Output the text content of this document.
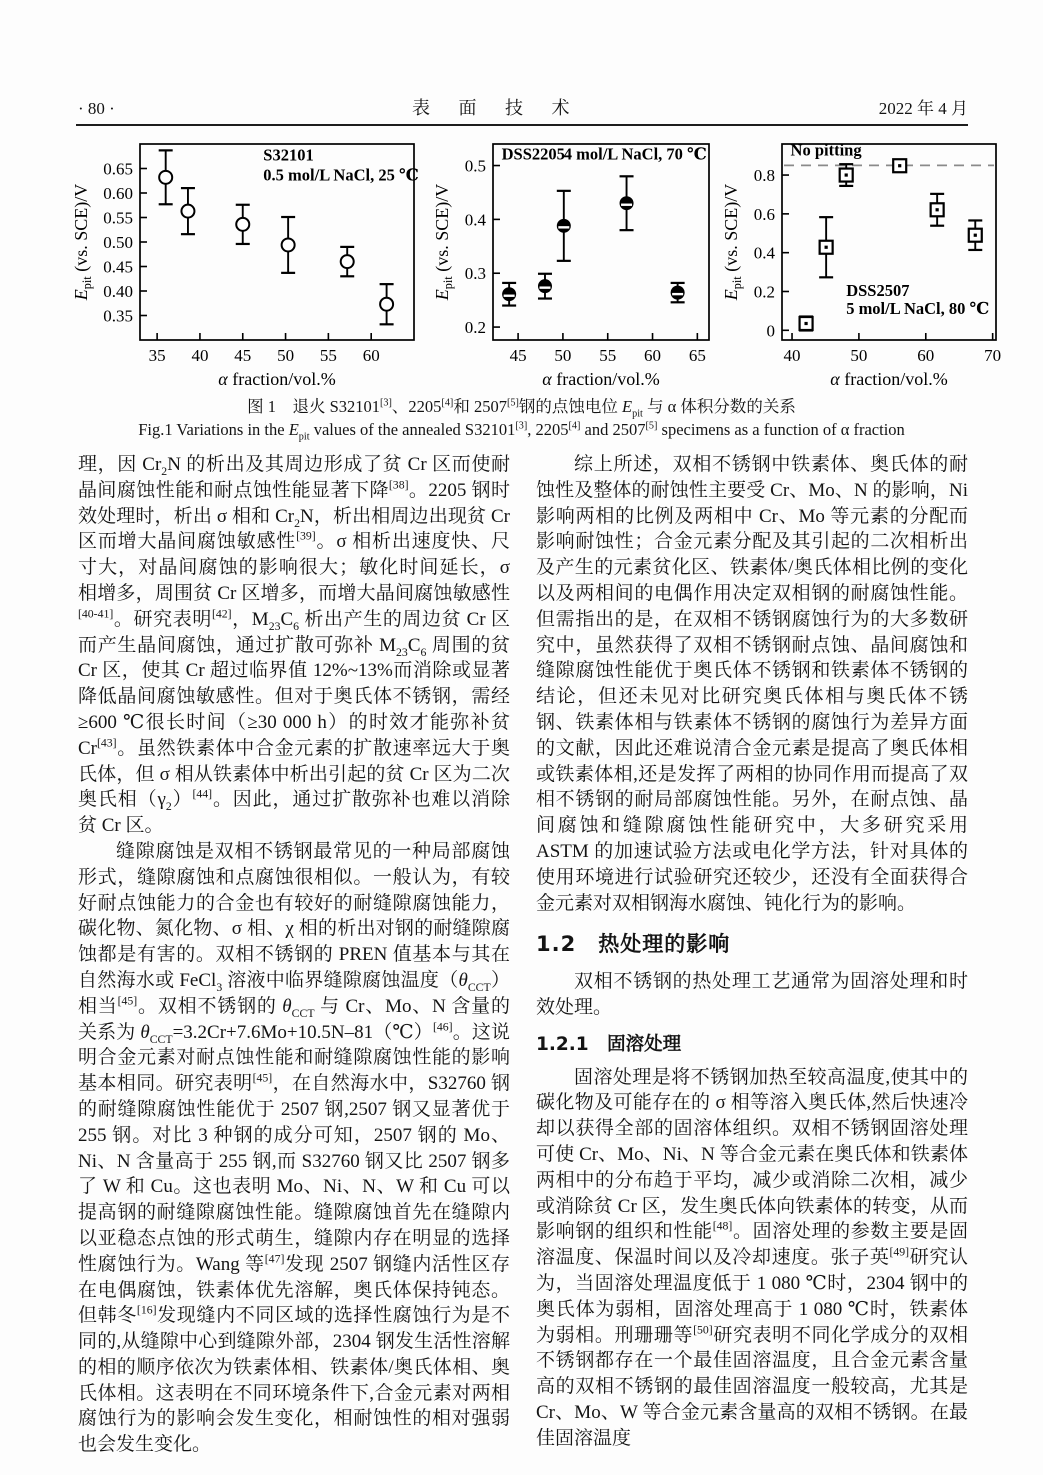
· 80 ·	表 面 技 术	2022 年 4 月
35 40 45 50 55 60
0.35
0.40
0.45
0.50
0.55
0.60
0.65
α fraction/vol.%
$E_{pit}$ (vs. SCE)/V
S32101
0.5 mol/L NaCl, 25 ℃
45 50 55 60 65
0.2
0.3
0.4
0.5
α fraction/vol.%
$E_{pit}$ (vs. SCE)/V
DSS2205
4 mol/L NaCl, 70 ℃
40	50	60	70
0
0.2
0.4
0.6
0.8
α fraction/vol.%
$E_{pit}$ (vs. SCE)/V
No pitting
DSS2507
5 mol/L NaCl, 80 ℃
图 1　退火 S32101[3]、2205[4]和 2507[5]钢的点蚀电位 $E_{pit}$ 与 α 体积分数的关系
Fig.1 Variations in the $E_{pit}$ values of the annealed S32101[3], 2205[4] and 2507[5] specimens as a function of α fraction

理，因 $Cr_2N$ 的析出及其周边形成了贫 Cr 区而使耐晶间腐蚀性能和耐点蚀性能显著下降[38]。2205 钢时效处理时，析出 σ 相和 $Cr_2N$，析出相周边出现贫 Cr 区而增大晶间腐蚀敏感性[39]。σ 相析出速度快、尺寸大，对晶间腐蚀的影响很大；敏化时间延长，σ 相增多，周围贫 Cr 区增多，而增大晶间腐蚀敏感性[40-41]。研究表明[42]，$M_{23}C_6$ 析出产生的周边贫 Cr 区而产生晶间腐蚀，通过扩散可弥补 $M_{23}C_6$ 周围的贫 Cr 区，使其 Cr 超过临界值 12%~13%而消除或显著降低晶间腐蚀敏感性。但对于奥氏体不锈钢，需经≥600 ℃很长时间（≥30 000 h）的时效才能弥补贫 Cr[43]。虽然铁素体中合金元素的扩散速率远大于奥氏体，但 σ 相从铁素体中析出引起的贫 Cr 区为二次奥氏相$(\gamma_2)[44]$。因此，通过扩散弥补也难以消除贫 Cr 区。

缝隙腐蚀是双相不锈钢最常见的一种局部腐蚀形式，缝隙腐蚀和点腐蚀很相似。一般认为，有较好耐点蚀能力的合金也有较好的耐缝隙腐蚀能力，碳化物、氮化物、σ 相、χ 相的析出对钢的耐缝隙腐蚀都是有害的。双相不锈钢的 PREN 值基本与其在自然海水或 FeCl$_3$ 溶液中临界缝隙腐蚀温度$(\theta_{CCT})$相当[45]。双相不锈钢的 $\theta_{CCT}$ 与 Cr、Mo、N 含量的关系为 $\theta_{CCT}=3.2Cr+7.6Mo+10.5N-81(℃)[46]$。这说明合金元素对耐点蚀性能和耐缝隙腐蚀性能的影响基本相同。研究表明[45]，在自然海水中，S32760 钢的耐缝隙腐蚀性能优于 2507 钢,2507 钢又显著优于 255 钢。对比 3 种钢的成分可知，2507 钢的 Mo、Ni、N 含量高于 255 钢,而 S32760 钢又比 2507 钢多了 W 和 Cu。这也表明 Mo、Ni、N、W 和 Cu 可以提高钢的耐缝隙腐蚀性能。缝隙腐蚀首先在缝隙内以亚稳态点蚀的形式萌生，缝隙内存在明显的选择性腐蚀行为。Wang 等[47]发现 2507 钢缝内活性区存在电偶腐蚀，铁素体优先溶解，奥氏体保持钝态。但韩冬[16]发现缝内不同区域的选择性腐蚀行为是不同的,从缝隙中心到缝隙外部，2304 钢发生活性溶解的相的顺序依次为铁素体相、铁素体/奥氏体相、奥氏体相。这表明在不同环境条件下,合金元素对两相腐蚀行为的影响会发生变化，相耐蚀性的相对强弱也会发生变化。

综上所述，双相不锈钢中铁素体、奥氏体的耐蚀性及整体的耐蚀性主要受 Cr、Mo、N 的影响，Ni 影响两相的比例及两相中 Cr、Mo 等元素的分配而影响耐蚀性；合金元素分配及其引起的二次相析出及产生的元素贫化区、铁素体/奥氏体相比例的变化以及两相间的电偶作用决定双相钢的耐腐蚀性能。但需指出的是，在双相不锈钢腐蚀行为的大多数研究中，虽然获得了双相不锈钢耐点蚀、晶间腐蚀和缝隙腐蚀性能优于奥氏体不锈钢和铁素体不锈钢的结论，但还未见对比研究奥氏体相与奥氏体不锈钢、铁素体相与铁素体不锈钢的腐蚀行为差异方面的文献，因此还难说清合金元素是提高了奥氏体相或铁素体相,还是发挥了两相的协同作用而提高了双相不锈钢的耐局部腐蚀性能。另外，在耐点蚀、晶间腐蚀和缝隙腐蚀性能研究中，大多研究采用 ASTM 的加速试验方法或电化学方法，针对具体的使用环境进行试验研究还较少，还没有全面获得合金元素对双相钢海水腐蚀、钝化行为的影响。

1.2　热处理的影响

双相不锈钢的热处理工艺通常为固溶处理和时效处理。

1.2.1　固溶处理

固溶处理是将不锈钢加热至较高温度,使其中的碳化物及可能存在的 σ 相等溶入奥氏体,然后快速冷却以获得全部的固溶体组织。双相不锈钢固溶处理可使 Cr、Mo、Ni、N 等合金元素在奥氏体和铁素体两相中的分布趋于平均，减少或消除二次相，减少或消除贫 Cr 区，发生奥氏体向铁素体的转变，从而影响钢的组织和性能[48]。固溶处理的参数主要是固溶温度、保温时间以及冷却速度。张子英[49]研究认为，当固溶处理温度低于 1 080 ℃时，2304 钢中的奥氏体为弱相，固溶处理高于 1 080 ℃时，铁素体为弱相。刑珊珊等[50]研究表明不同化学成分的双相不锈钢都存在一个最佳固溶温度，且合金元素含量高的双相不锈钢的最佳固溶温度一般较高，尤其是 Cr、Mo、W 等合金元素含量高的双相不锈钢。在最佳固溶温度
